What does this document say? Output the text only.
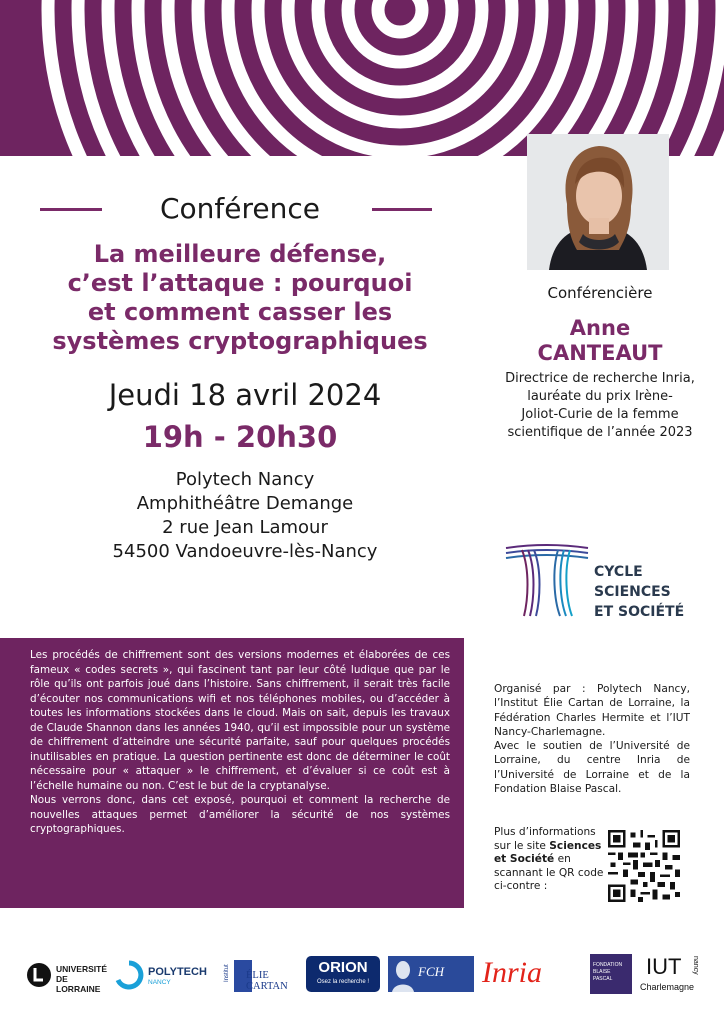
Conférence
La meilleure défense,
c’est l’attaque : pourquoi
et comment casser les
systèmes cryptographiques
Jeudi 18 avril 2024
19h - 20h30
Polytech Nancy
Amphithéâtre Demange
2 rue Jean Lamour
54500 Vandoeuvre-lès-Nancy
Conférencière
Anne
CANTEAUT
Directrice de recherche Inria,
lauréate du prix Irène-
Joliot-Curie de la femme
scientifique de l’année 2023
CYCLE
SCIENCES
ET SOCIÉTÉ
Les procédés de chiffrement sont des versions modernes et élaborées de ces fameux « codes secrets », qui fascinent tant par leur côté ludique que par le rôle qu’ils ont parfois joué dans l’histoire. Sans chiffrement, il serait très facile d’écouter nos communications wifi et nos téléphones mobiles, ou d’accéder à toutes les informations stockées dans le cloud. Mais on sait, depuis les travaux de Claude Shannon dans les années 1940, qu’il est impossible pour un système de chiffrement d’atteindre une sécurité parfaite, sauf pour quelques procédés inutilisables en pratique. La question pertinente est donc de déterminer le coût nécessaire pour « attaquer » le chiffrement, et d’évaluer si ce coût est à l’échelle humaine ou non. C’est le but de la cryptanalyse.
Nous verrons donc, dans cet exposé, pourquoi et comment la recherche de nouvelles attaques permet d’améliorer la sécurité de nos systèmes cryptographiques.
Organisé par : Polytech Nancy, l’Institut Élie Cartan de Lorraine, la Fédération Charles Hermite et l’IUT Nancy-Charlemagne.
Avec le soutien de l’Université de Lorraine, du centre Inria de l’Université de Lorraine et de la Fondation Blaise Pascal.
Plus d’informations sur le site Sciences et Société en scannant le QR code ci-contre :
UNIVERSITÉ
DE LORRAINE
POLYTECH
NANCY
Institut ÉLIE CARTAN
ORION
Osez la recherche !
FCH Inria	FONDATION
BLAISE
PASCAL	IUT nancy
Charlemagne
